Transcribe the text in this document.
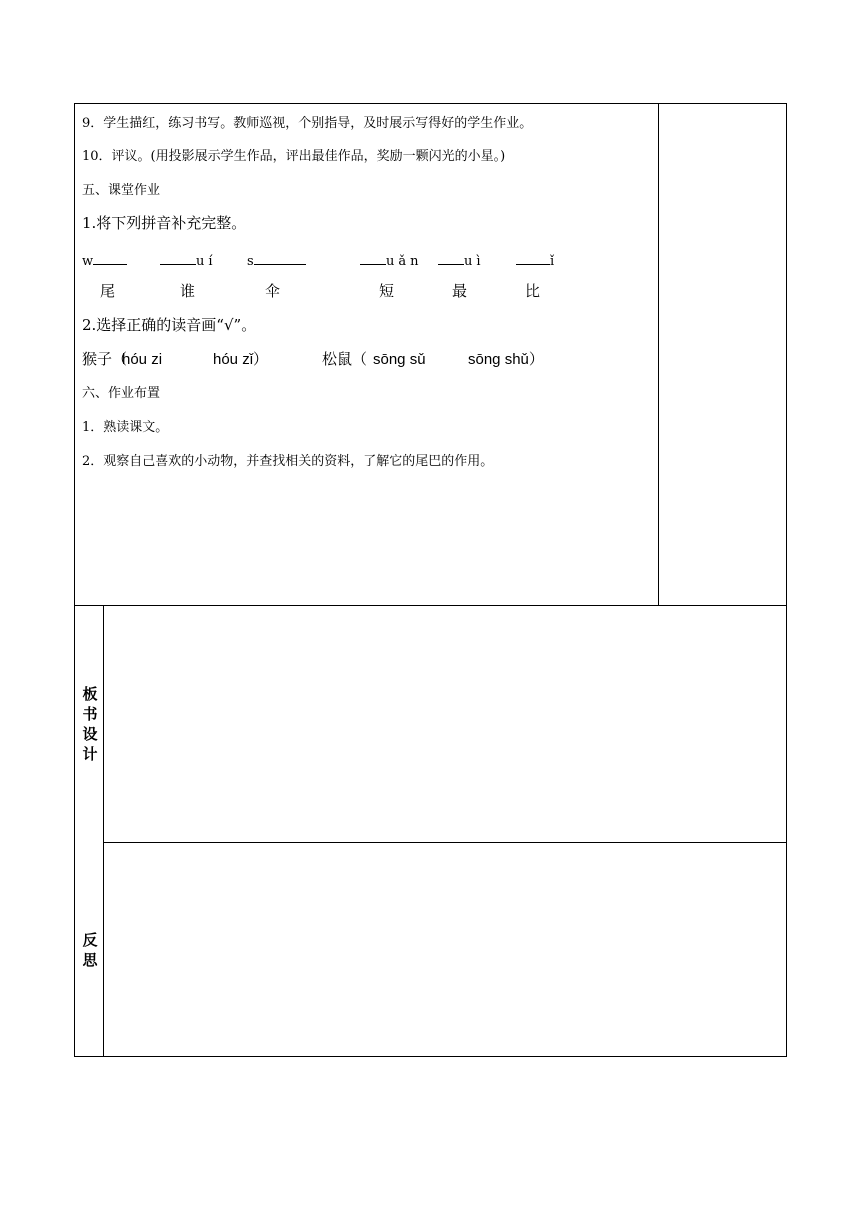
9．学生描红，练习书写。教师巡视，个别指导，及时展示写得好的学生作业。
10．评议。(用投影展示学生作品，评出最佳作品，奖励一颗闪光的小星。)
五、课堂作业
1.将下列拼音补充完整。
w	uí s	uǎn	uì	ǐ
尾	谁	伞	短	最	比
2.选择正确的读音画“√”。
猴子（
hóu zi	hóu zǐ）	松鼠（ sōng sǔ	sōng shǔ）
六、作业布置
1．熟读课文。
2．观察自己喜欢的小动物，并查找相关的资料，了解它的尾巴的作用。
板
书
设
计
反
思
